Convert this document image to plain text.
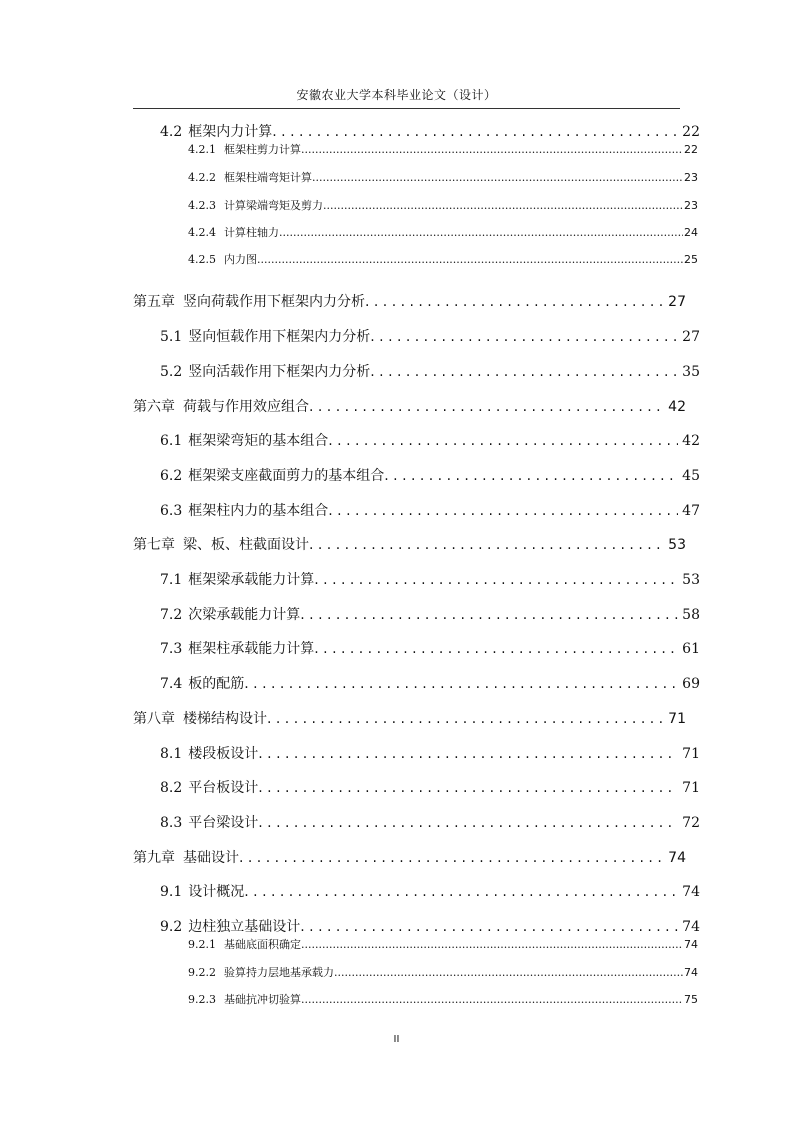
安徽农业大学本科毕业论文（设计）
4.2 框架内力计算 . . .	22
4.2.1 框架柱剪力计算 .....	22
4.2.2 框架柱端弯矩计算 .....	23
4.2.3 计算梁端弯矩及剪力 .....	23
4.2.4 计算柱轴力 .....	24
4.2.5 内力图 .....	25
第五章 竖向荷载作用下框架内力分析 . . .	27
5.1 竖向恒载作用下框架内力分析 . . .	27
5.2 竖向活载作用下框架内力分析 . . .	35
第六章 荷载与作用效应组合 . . .	42
6.1 框架梁弯矩的基本组合 . . .	42
6.2 框架梁支座截面剪力的基本组合 . . .	45
6.3 框架柱内力的基本组合 . . .	47
第七章 梁、板、柱截面设计 . . .	53
7.1 框架梁承载能力计算 . . .	53
7.2 次梁承载能力计算 . . .	58
7.3 框架柱承载能力计算 . . .	61
7.4 板的配筋 . . .	69
第八章 楼梯结构设计 . . .	71
8.1 楼段板设计 . . .	71
8.2 平台板设计 . . .	71
8.3 平台梁设计 . . .	72
第九章 基础设计 . . .	74
9.1 设计概况 . . .	74
9.2 边柱独立基础设计 . . .	74
9.2.1 基础底面积确定 .....	74
9.2.2 验算持力层地基承载力 .....	74
9.2.3 基础抗冲切验算 .....	75
II
